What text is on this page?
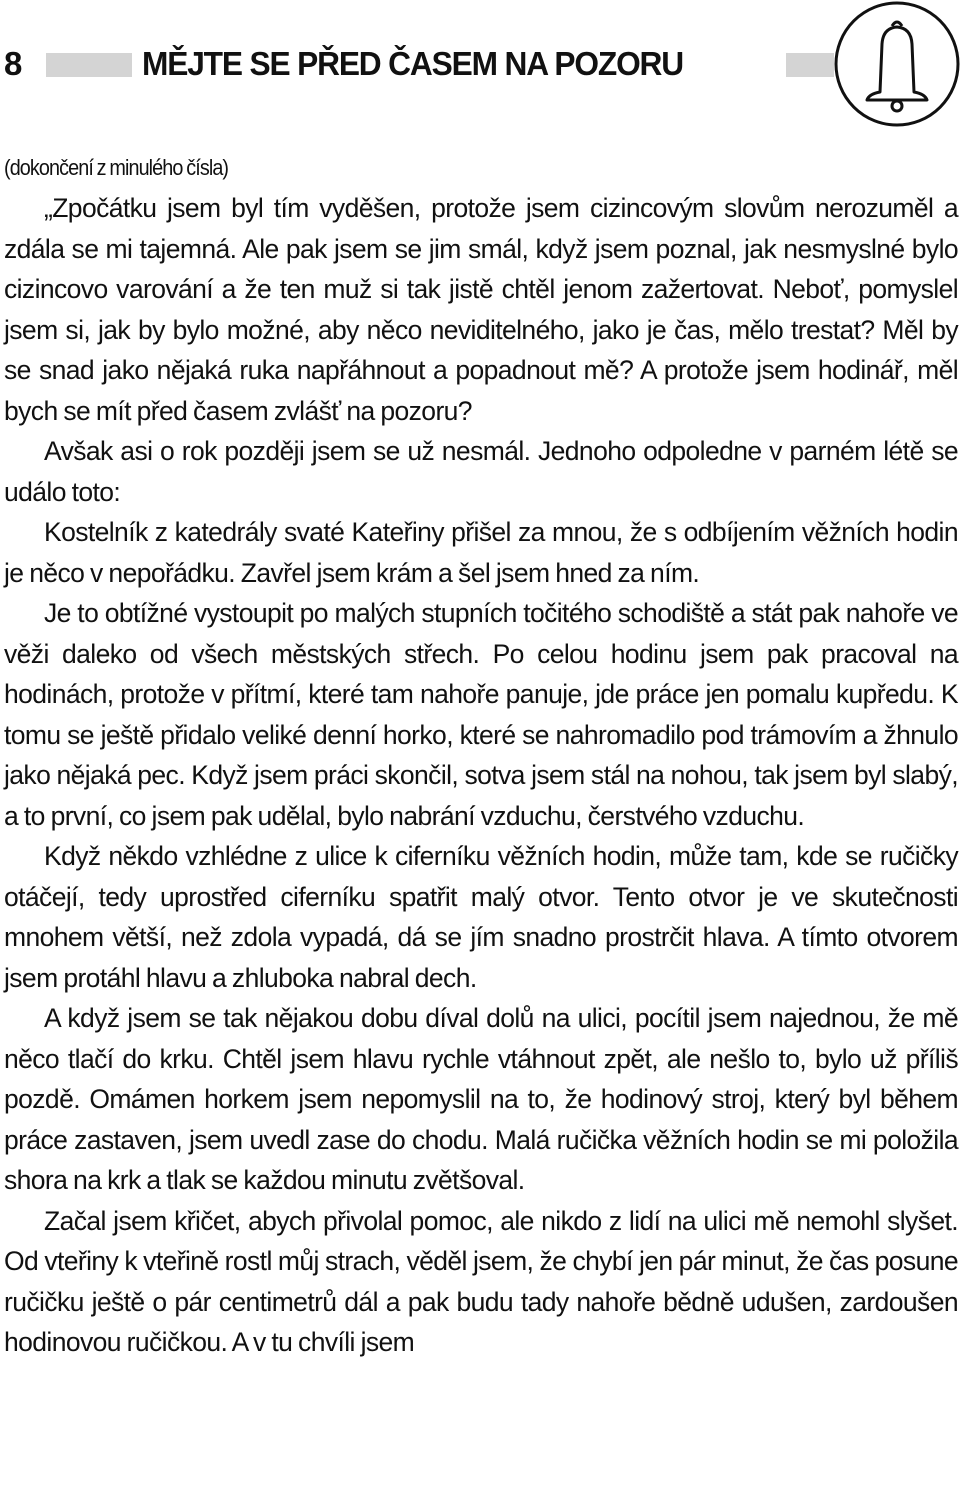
8	MĚJTE SE PŘED ČASEM NA POZORU
(dokončení z minulého čísla)

„Zpočátku jsem byl tím vyděšen, protože jsem cizincovým slovům nerozuměl a zdála se mi tajemná. Ale pak jsem se jim smál, když jsem poznal, jak nesmyslné bylo cizincovo varování a že ten muž si tak jistě chtěl jenom zažertovat. Neboť, pomyslel jsem si, jak by bylo možné, aby něco neviditelného, jako je čas, mělo trestat? Měl by se snad jako nějaká ruka napřáhnout a popadnout mě? A protože jsem hodinář, měl bych se mít před časem zvlášť na pozoru?

Avšak asi o rok později jsem se už nesmál. Jednoho odpoledne v parném létě se událo toto:

Kostelník z katedrály svaté Kateřiny přišel za mnou, že s odbíjením věžních hodin je něco v nepořádku. Zavřel jsem krám a šel jsem hned za ním.

Je to obtížné vystoupit po malých stupních točitého schodiště a stát pak nahoře ve věži daleko od všech městských střech. Po celou hodinu jsem pak pracoval na hodinách, protože v přítmí, které tam nahoře panuje, jde práce jen pomalu kupředu. K tomu se ještě přidalo veliké denní horko, které se nahromadilo pod trámovím a žhnulo jako nějaká pec. Když jsem práci skončil, sotva jsem stál na nohou, tak jsem byl slabý, a to první, co jsem pak udělal, bylo nabrání vzduchu, čerstvého vzduchu.

Když někdo vzhlédne z ulice k ciferníku věžních hodin, může tam, kde se ručičky otáčejí, tedy uprostřed ciferníku spatřit malý otvor. Tento otvor je ve skutečnosti mnohem větší, než zdola vypadá, dá se jím snadno prostrčit hlava. A tímto otvorem jsem protáhl hlavu a zhluboka nabral dech.

A když jsem se tak nějakou dobu díval dolů na ulici, pocítil jsem najednou, že mě něco tlačí do krku. Chtěl jsem hlavu rychle vtáhnout zpět, ale nešlo to, bylo už příliš pozdě. Omámen horkem jsem nepomyslil na to, že hodinový stroj, který byl během práce zastaven, jsem uvedl zase do chodu. Malá ručička věžních hodin se mi položila shora na krk a tlak se každou minutu zvětšoval.

Začal jsem křičet, abych přivolal pomoc, ale nikdo z lidí na ulici mě nemohl slyšet. Od vteřiny k vteřině rostl můj strach, věděl jsem, že chybí jen pár minut, že čas posune ručičku ještě o pár centimetrů dál a pak budu tady nahoře bědně udušen, zardoušen hodinovou ručičkou. A v tu chvíli jsem
